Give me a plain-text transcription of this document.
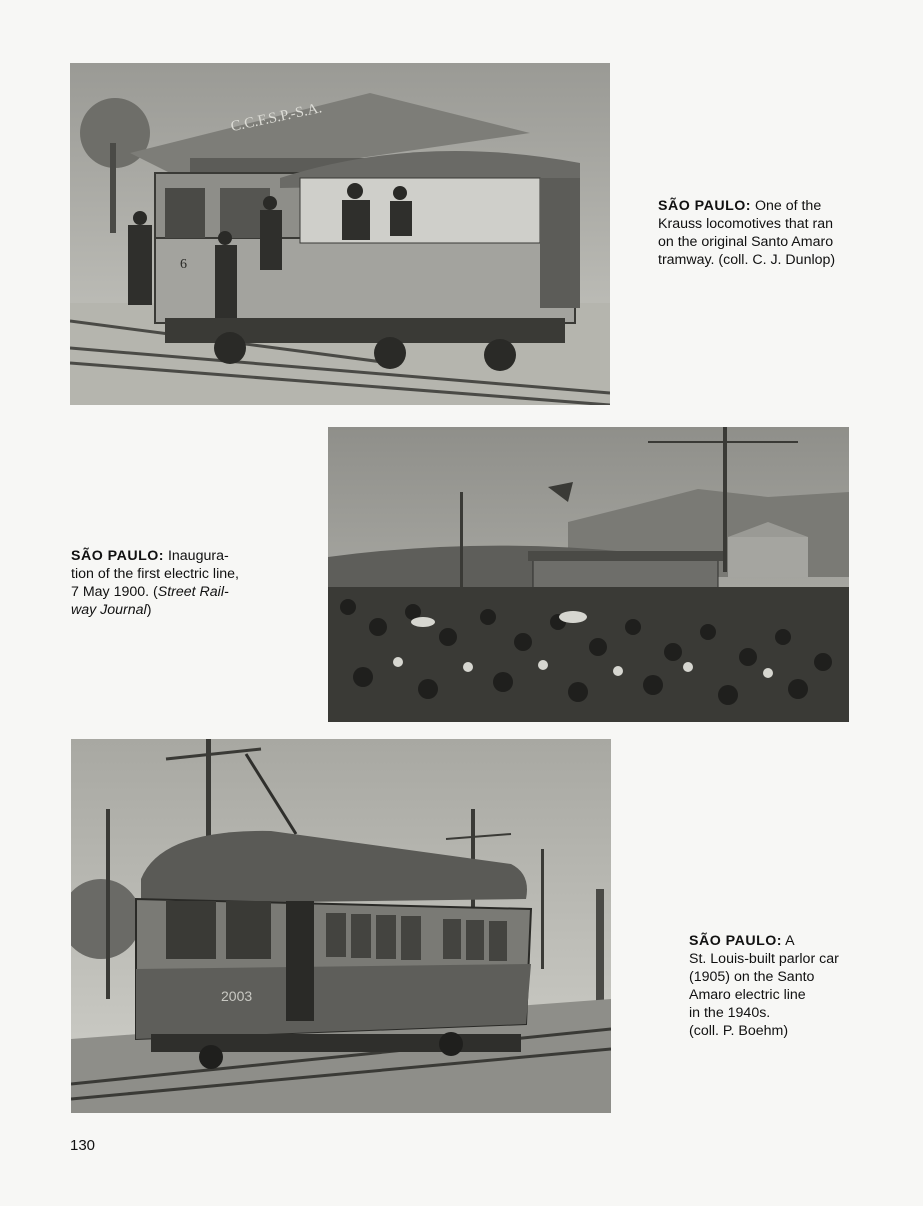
C.C.F.S.P.-S.A.
6
SÃO PAULO: One of the
Krauss locomotives that ran
on the original Santo Amaro
tramway. (coll. C. J. Dunlop)
SÃO PAULO: Inaugura-
tion of the first electric line,
7 May 1900. (Street Rail-
way Journal)
2003
SÃO PAULO: A
St. Louis-built parlor car
(1905) on the Santo
Amaro electric line
in the 1940s.
(coll. P. Boehm)
130
